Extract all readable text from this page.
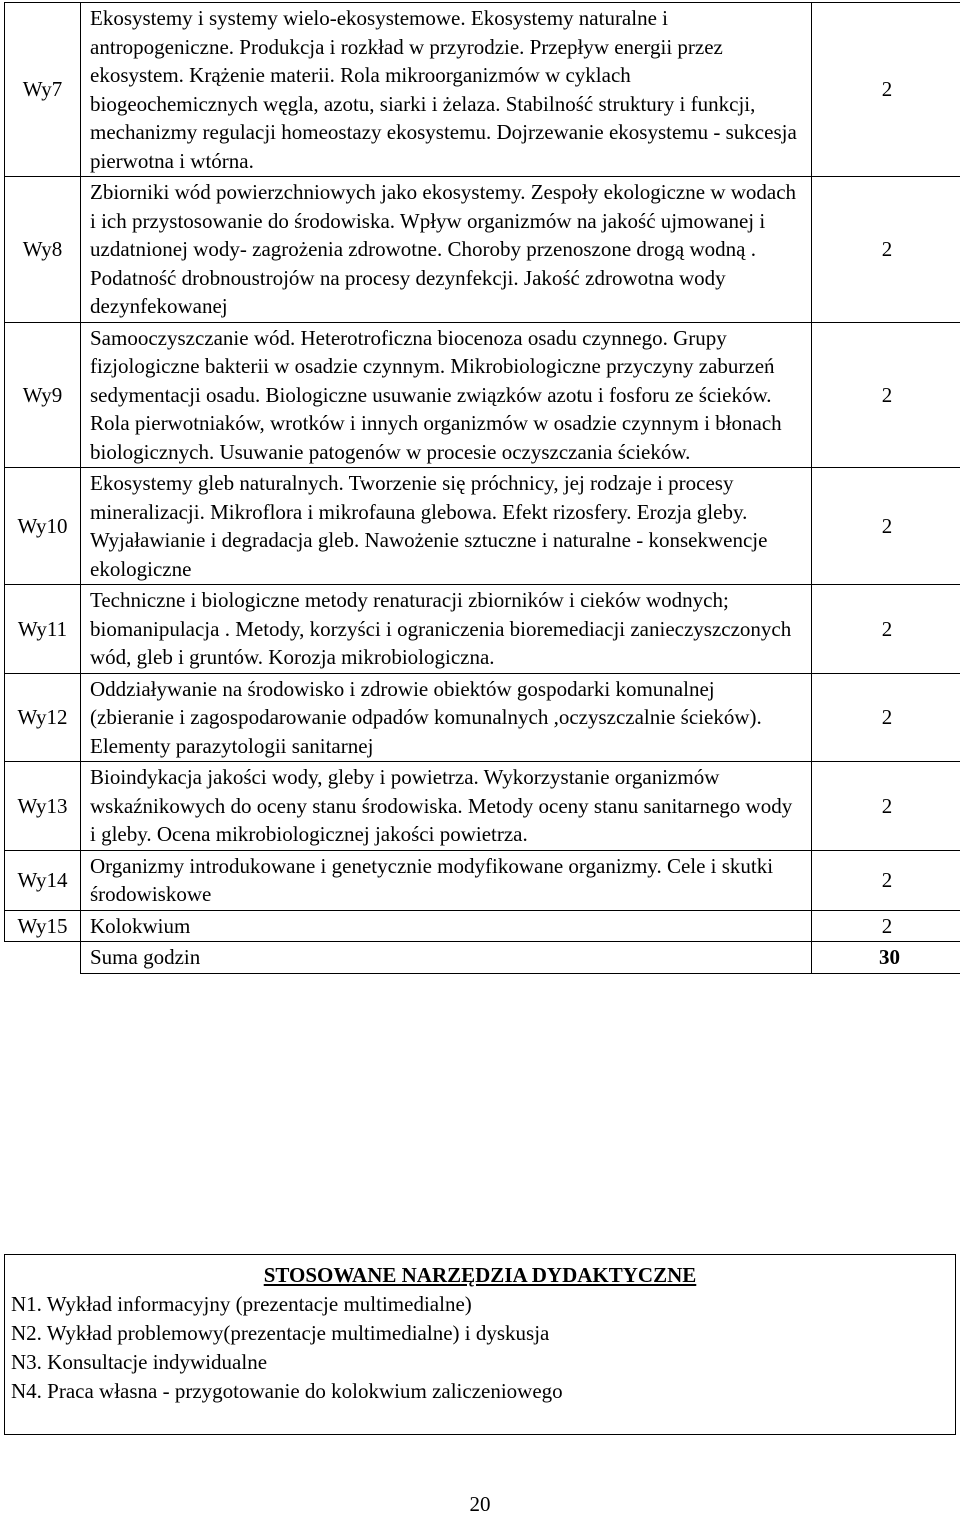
Wy7	Ekosystemy i systemy wielo-ekosystemowe. Ekosystemy naturalne i antropogeniczne. Produkcja i rozkład w przyrodzie. Przepływ energii przez ekosystem. Krążenie materii. Rola mikroorganizmów w cyklach biogeochemicznych węgla, azotu, siarki i żelaza. Stabilność struktury i funkcji, mechanizmy regulacji homeostazy ekosystemu. Dojrzewanie ekosystemu - sukcesja pierwotna i wtórna.	2
Wy8	Zbiorniki wód powierzchniowych jako ekosystemy. Zespoły ekologiczne w wodach i ich przystosowanie do środowiska. Wpływ organizmów na jakość ujmowanej i uzdatnionej wody- zagrożenia zdrowotne. Choroby przenoszone drogą wodną . Podatność drobnoustrojów na procesy dezynfekcji. Jakość zdrowotna wody dezynfekowanej	2
Wy9	Samooczyszczanie wód. Heterotroficzna biocenoza osadu czynnego. Grupy fizjologiczne bakterii w osadzie czynnym. Mikrobiologiczne przyczyny zaburzeń sedymentacji osadu. Biologiczne usuwanie związków azotu i fosforu ze ścieków. Rola pierwotniaków, wrotków i innych organizmów w osadzie czynnym i błonach biologicznych. Usuwanie patogenów w procesie oczyszczania ścieków.	2
Wy10	Ekosystemy gleb naturalnych. Tworzenie się próchnicy, jej rodzaje i procesy mineralizacji. Mikroflora i mikrofauna glebowa. Efekt rizosfery. Erozja gleby. Wyjaławianie i degradacja gleb. Nawożenie sztuczne i naturalne - konsekwencje ekologiczne	2
Wy11	Techniczne i biologiczne metody renaturacji zbiorników i cieków wodnych; biomanipulacja . Metody, korzyści i ograniczenia bioremediacji zanieczyszczonych wód, gleb i gruntów. Korozja mikrobiologiczna.	2
Wy12	Oddziaływanie na środowisko i zdrowie obiektów gospodarki komunalnej (zbieranie i zagospodarowanie odpadów komunalnych ,oczyszczalnie ścieków). Elementy parazytologii sanitarnej	2
Wy13	Bioindykacja jakości wody, gleby i powietrza. Wykorzystanie organizmów wskaźnikowych do oceny stanu środowiska. Metody oceny stanu sanitarnego wody i gleby. Ocena mikrobiologicznej jakości powietrza.	2
Wy14	Organizmy introdukowane i genetycznie modyfikowane organizmy. Cele i skutki środowiskowe	2
Wy15	Kolokwium	2
	Suma godzin	30
STOSOWANE NARZĘDZIA DYDAKTYCZNE
N1. Wykład informacyjny (prezentacje multimedialne)
N2. Wykład problemowy(prezentacje multimedialne) i dyskusja
N3. Konsultacje indywidualne
N4. Praca własna - przygotowanie do kolokwium zaliczeniowego
20
